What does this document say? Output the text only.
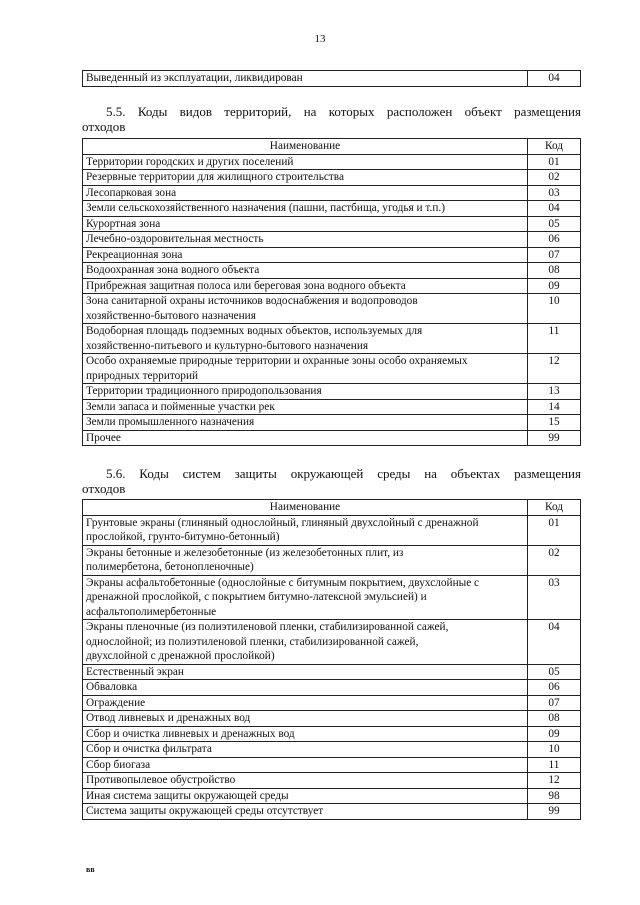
13
Выведенный из эксплуатации, ликвидирован	04
5.5. Коды видов территорий, на которых расположен объект размещения
отходов
Наименование	Код
Территории городских и других поселений	01
Резервные территории для жилищного строительства	02
Лесопарковая зона	03
Земли сельскохозяйственного назначения (пашни, пастбища, угодья и т.п.)	04
Курортная зона	05
Лечебно-оздоровительная местность	06
Рекреационная зона	07
Водоохранная зона водного объекта	08
Прибрежная защитная полоса или береговая зона водного объекта	09

Зона санитарной охраны источников водоснабжения и водопроводов
хозяйственно-бытового назначения	10

Водоборная площадь подземных водных объектов, используемых для
хозяйственно-питьевого и культурно-бытового назначения	11

Особо охраняемые природные территории и охранные зоны особо охраняемых
природных территорий	12
Территории традиционного природопользования	13
Земли запаса и пойменные участки рек	14
Земли промышленного назначения	15
Прочее	99
5.6. Коды систем защиты окружающей среды на объектах размещения
отходов
Наименование	Код

Грунтовые экраны (глиняный однослойный, глиняный двухслойный с дренажной
прослойкой, грунто-битумно-бетонный)	01

Экраны бетонные и железобетонные (из железобетонных плит, из
полимербетона, бетонопленочные)	02

Экраны асфальтобетонные (однослойные с битумным покрытием, двухслойные с
дренажной прослойкой, с покрытием битумно-латексной эмульсией) и
асфальтополимербетонные	03

Экраны пленочные (из полиэтиленовой пленки, стабилизированной сажей,
однослойной; из полиэтиленовой пленки, стабилизированной сажей,
двухслойной с дренажной прослойкой)	04
Естественный экран	05
Обваловка	06
Ограждение	07
Отвод ливневых и дренажных вод	08
Сбор и очистка ливневых и дренажных вод	09
Сбор и очистка фильтрата	10
Сбор биогаза	11
Противопылевое обустройство	12
Иная система защиты окружающей среды	98
Система защиты окружающей среды отсутствует	99
вв
